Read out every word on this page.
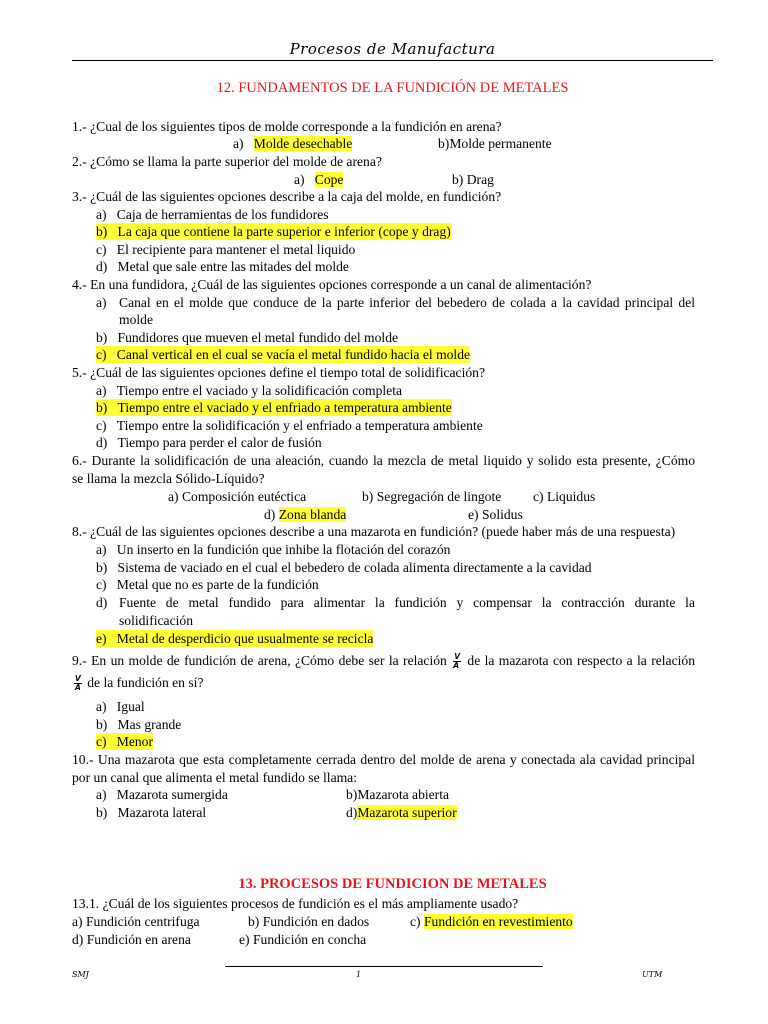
Procesos de Manufactura
12. FUNDAMENTOS DE LA FUNDICIÓN DE METALES
1.- ¿Cual de los siguientes tipos de molde corresponde a la fundición en arena?
a) Molde desechable	b)Molde permanente
2.- ¿Cómo se llama la parte superior del molde de arena?
a) Cope	b) Drag
3.- ¿Cuál de las siguientes opciones describe a la caja del molde, en fundición?
a) Caja de herramientas de los fundidores
b) La caja que contiene la parte superior e inferior (cope y drag)
c) El recipiente para mantener el metal liquido
d) Metal que sale entre las mitades del molde
4.- En una fundidora, ¿Cuál de las siguientes opciones corresponde a un canal de alimentación?
a) Canal en el molde que conduce de la parte inferior del bebedero de colada a la cavidad principal del
molde
b) Fundidores que mueven el metal fundido del molde
c) Canal vertical en el cual se vacía el metal fundido hacia el molde
5.- ¿Cuál de las siguientes opciones define el tiempo total de solidificación?
a) Tiempo entre el vaciado y la solidificación completa
b) Tiempo entre el vaciado y el enfriado a temperatura ambiente
c) Tiempo entre la solidificación y el enfriado a temperatura ambiente
d) Tiempo para perder el calor de fusión
6.- Durante la solidificación de una aleación, cuando la mezcla de metal liquido y solido esta presente, ¿Cómo
se llama la mezcla Sólido-Líquido?
a) Composición eutéctica	b) Segregación de lingote c) Liquidus
d) Zona blanda	e) Solidus
8.- ¿Cuál de las siguientes opciones describe a una mazarota en fundición? (puede haber más de una respuesta)
a) Un inserto en la fundición que inhibe la flotación del corazón
b) Sistema de vaciado en el cual el bebedero de colada alimenta directamente a la cavidad
c) Metal que no es parte de la fundición
d) Fuente de metal fundido para alimentar la fundición y compensar la contracción durante la
solidificación
e) Metal de desperdicio que usualmente se recicla
9.- En un molde de fundición de arena, ¿Cómo debe ser la relación $\frac{V}{A}$ de la mazarota con respecto a la relación
$\frac{V}{A}$ de la fundición en sí?
a) Igual
b) Mas grande
c) Menor
10.- Una mazarota que esta completamente cerrada dentro del molde de arena y conectada ala cavidad principal
por un canal que alimenta el metal fundido se llama:
a) Mazarota sumergida	b)Mazarota abierta
b) Mazarota lateral	d)Mazarota superior
13. PROCESOS DE FUNDICION DE METALES
13.1. ¿Cuál de los siguientes procesos de fundición es el más ampliamente usado?
a) Fundición centrifuga	b) Fundición en dados	c) Fundición en revestimiento
d) Fundición en arena	e) Fundición en concha
SMJ	1	UTM
